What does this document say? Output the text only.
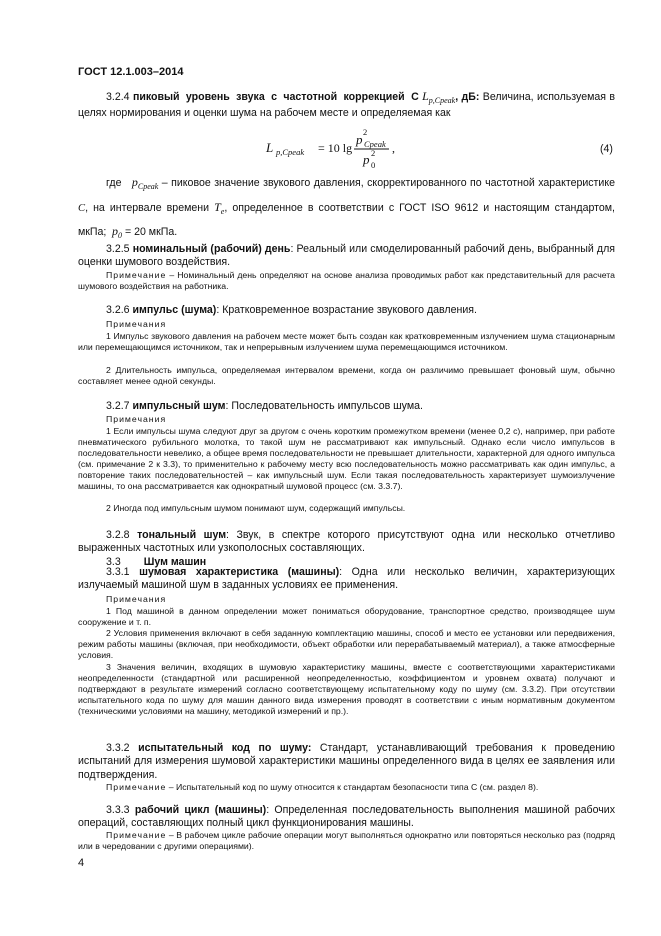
ГОСТ 12.1.003–2014
3.2.4 пиковый уровень звука с частотной коррекцией С $L_{p,Cpeak}$, дБ: Величина, используемая в целях нормирования и оценки шума на рабочем месте и определяемая как
L p,Cpeak = 10 lg
p 2
Cpeak
p 2
0
,	(4)
где $p_{Cpeak}$ – пиковое значение звукового давления, скорректированного по частотной характеристике C, на интервале времени $T_e$, определенное в соответствии с ГОСТ ISO 9612 и настоящим стандартом, мкПа; $p_0 = 20$ мкПа.
3.2.5 номинальный (рабочий) день: Реальный или смоделированный рабочий день, выбранный для оценки шумового воздействия.
Примечание – Номинальный день определяют на основе анализа проводимых работ как представительный для расчета шумового воздействия на работника.
3.2.6 импульс (шума): Кратковременное возрастание звукового давления.
Примечания
1 Импульс звукового давления на рабочем месте может быть создан как кратковременным излучением шума стационарным или перемещающимся источником, так и непрерывным излучением шума перемещающимся источником.
2 Длительность импульса, определяемая интервалом времени, когда он различимо превышает фоновый шум, обычно составляет менее одной секунды.
3.2.7 импульсный шум: Последовательность импульсов шума.
Примечания
1 Если импульсы шума следуют друг за другом с очень коротким промежутком времени (менее 0,2 с), например, при работе пневматического рубильного молотка, то такой шум не рассматривают как импульсный. Однако если число импульсов в последовательности невелико, а общее время последовательности не превышает длительности, характерной для одного импульса (см. примечание 2 к 3.3), то применительно к рабочему месту всю последовательность можно рассматривать как один импульс, а повторение таких последовательностей – как импульсный шум. Если такая последовательность характеризует шумоизлучение машины, то она рассматривается как однократный шумовой процесс (см. 3.3.7).
2 Иногда под импульсным шумом понимают шум, содержащий импульсы.
3.2.8 тональный шум: Звук, в спектре которого присутствуют одна или несколько отчетливо выраженных частотных или узкополосных составляющих.
3.3 Шум машин
3.3.1 шумовая характеристика (машины): Одна или несколько величин, характеризующих излучаемый машиной шум в заданных условиях ее применения.
Примечания
1 Под машиной в данном определении может пониматься оборудование, транспортное средство, производящее шум сооружение и т. п.
2 Условия применения включают в себя заданную комплектацию машины, способ и место ее установки или передвижения, режим работы машины (включая, при необходимости, объект обработки или перерабатываемый материал), а также атмосферные условия.
3 Значения величин, входящих в шумовую характеристику машины, вместе с соответствующими характеристиками неопределенности (стандартной или расширенной неопределенностью, коэффициентом и уровнем охвата) получают и подтверждают в результате измерений согласно соответствующему испытательному коду по шуму (см. 3.3.2). При отсутствии испытательного кода по шуму для машин данного вида измерения проводят в соответствии с иным нормативным документом (техническими условиями на машину, методикой измерений и пр.).
3.3.2 испытательный код по шуму: Стандарт, устанавливающий требования к проведению испытаний для измерения шумовой характеристики машины определенного вида в целях ее заявления или подтверждения.
Примечание – Испытательный код по шуму относится к стандартам безопасности типа С (см. раздел 8).
3.3.3 рабочий цикл (машины): Определенная последовательность выполнения машиной рабочих операций, составляющих полный цикл функционирования машины.
Примечание – В рабочем цикле рабочие операции могут выполняться однократно или повторяться несколько раз (подряд или в чередовании с другими операциями).
4
